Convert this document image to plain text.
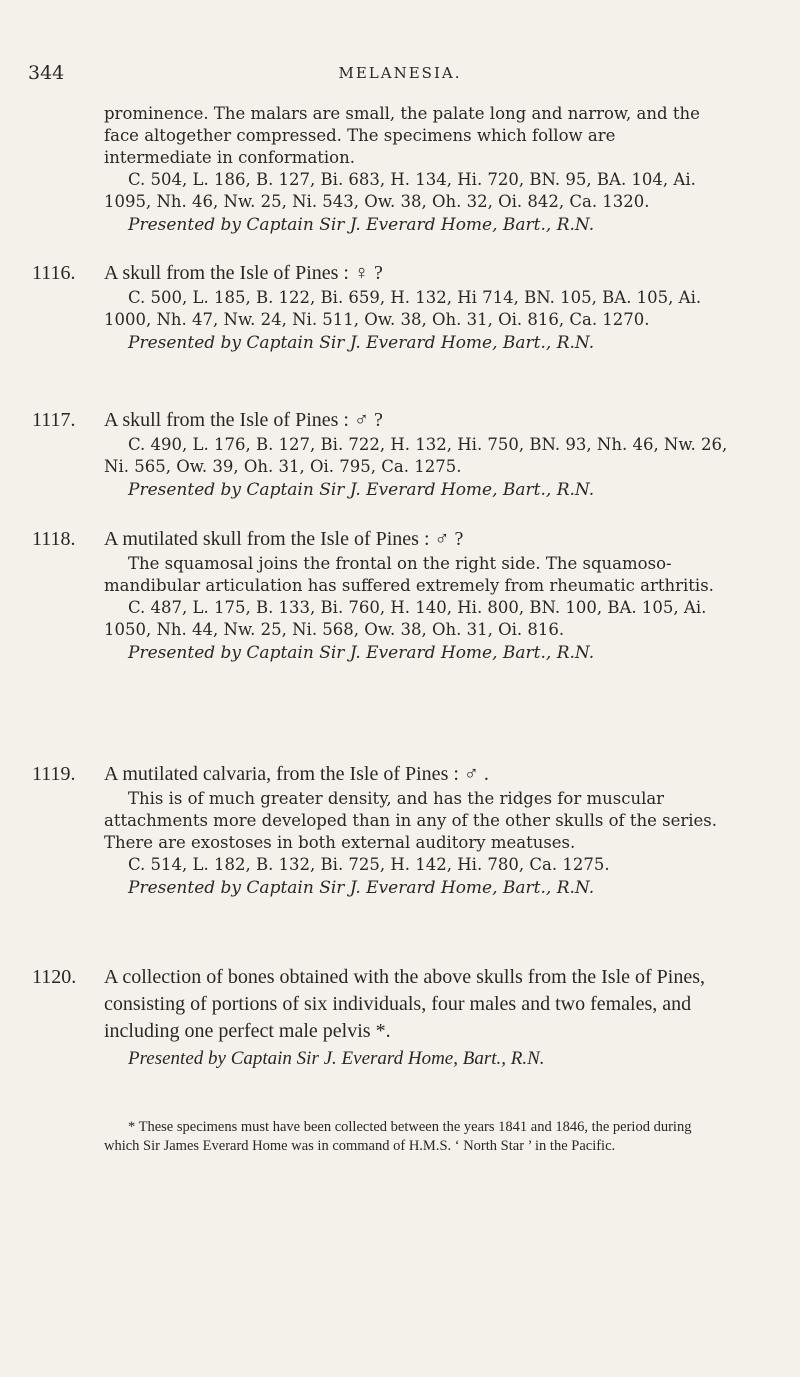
344	MELANESIA.

prominence. The malars are small, the palate long and narrow, and the face altogether compressed. The specimens which follow are intermediate in conformation.

C. 504, L. 186, B. 127, Bi. 683, H. 134, Hi. 720, BN. 95, BA. 104, Ai. 1095, Nh. 46, Nw. 25, Ni. 543, Ow. 38, Oh. 32, Oi. 842, Ca. 1320.

Presented by Captain Sir J. Everard Home, Bart., R.N.

1116. A skull from the Isle of Pines : ♀ ?

C. 500, L. 185, B. 122, Bi. 659, H. 132, Hi 714, BN. 105, BA. 105, Ai. 1000, Nh. 47, Nw. 24, Ni. 511, Ow. 38, Oh. 31, Oi. 816, Ca. 1270.

Presented by Captain Sir J. Everard Home, Bart., R.N.

1117. A skull from the Isle of Pines : ♂ ?

C. 490, L. 176, B. 127, Bi. 722, H. 132, Hi. 750, BN. 93, Nh. 46, Nw. 26, Ni. 565, Ow. 39, Oh. 31, Oi. 795, Ca. 1275.

Presented by Captain Sir J. Everard Home, Bart., R.N.

1118. A mutilated skull from the Isle of Pines : ♂ ?

The squamosal joins the frontal on the right side. The squamoso-mandibular articulation has suffered extremely from rheumatic arthritis.

C. 487, L. 175, B. 133, Bi. 760, H. 140, Hi. 800, BN. 100, BA. 105, Ai. 1050, Nh. 44, Nw. 25, Ni. 568, Ow. 38, Oh. 31, Oi. 816.

Presented by Captain Sir J. Everard Home, Bart., R.N.

1119. A mutilated calvaria, from the Isle of Pines : ♂ .

This is of much greater density, and has the ridges for muscular attachments more developed than in any of the other skulls of the series. There are exostoses in both external auditory meatuses.

C. 514, L. 182, B. 132, Bi. 725, H. 142, Hi. 780, Ca. 1275.

Presented by Captain Sir J. Everard Home, Bart., R.N.

1120. A collection of bones obtained with the above skulls from the Isle of Pines, consisting of portions of six individuals, four males and two females, and including one perfect male pelvis *.

Presented by Captain Sir J. Everard Home, Bart., R.N.

* These specimens must have been collected between the years 1841 and 1846, the period during which Sir James Everard Home was in command of H.M.S. ‘ North Star ’ in the Pacific.
